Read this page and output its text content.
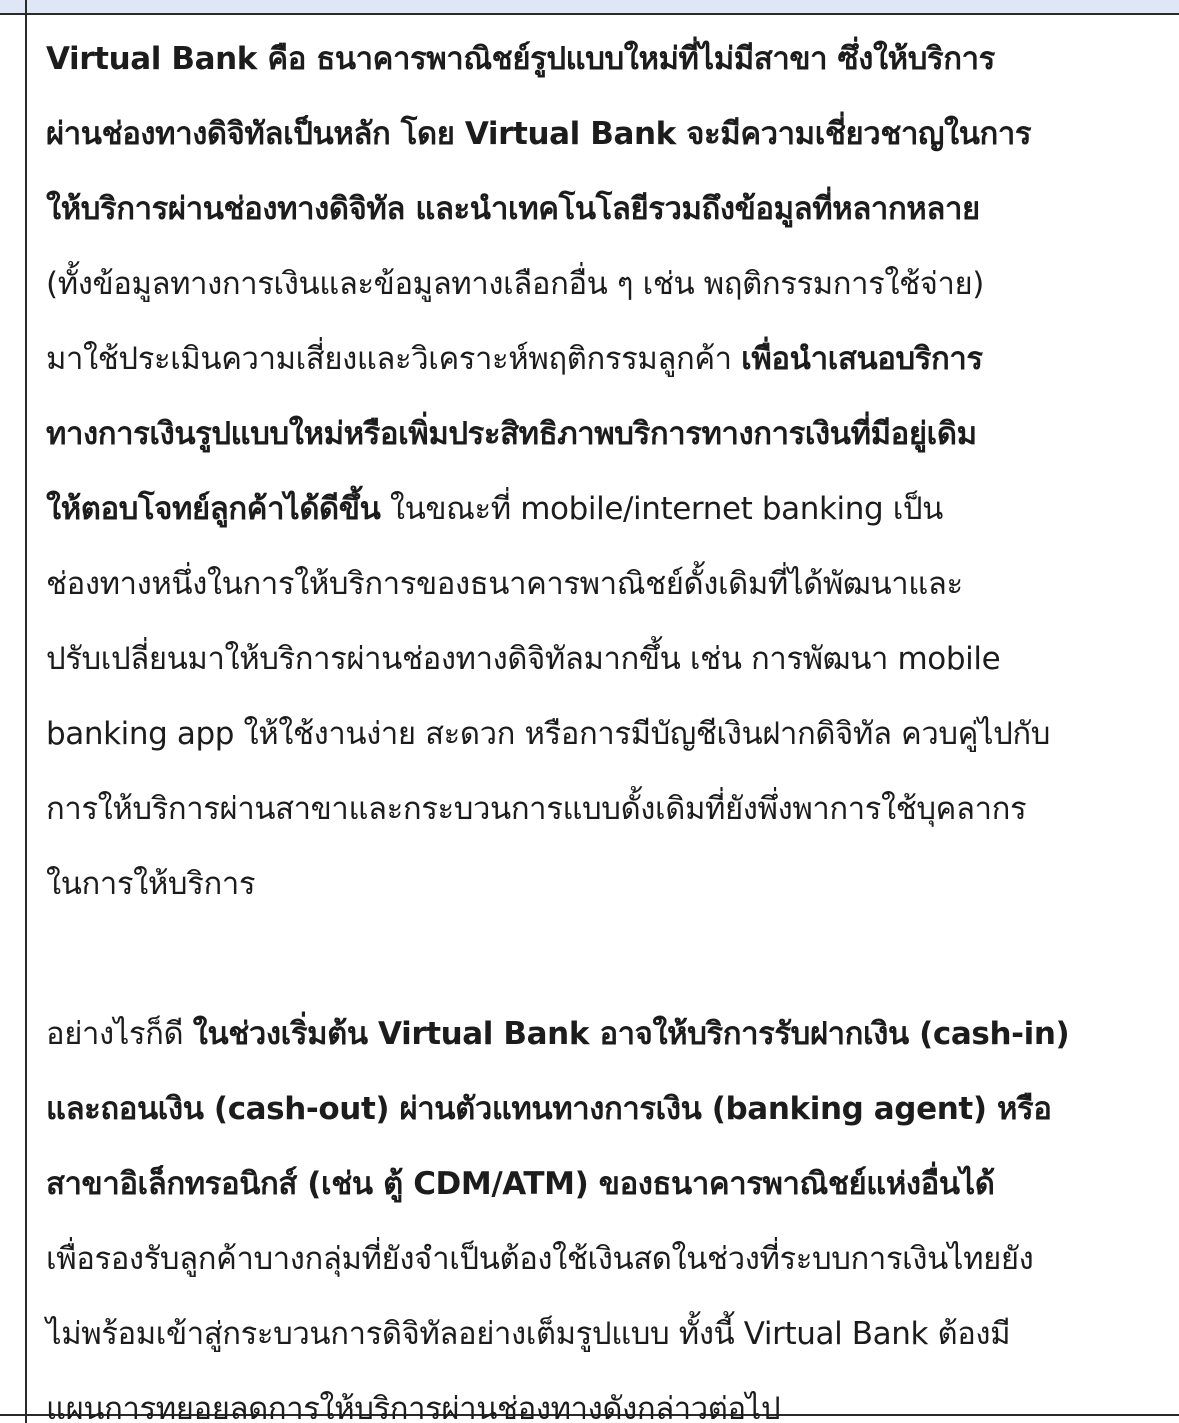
Virtual Bank คือ ธนาคารพาณิชย์รูปแบบใหม่ที่ไม่มีสาขา ซึ่งให้บริการ
ผ่านช่องทางดิจิทัลเป็นหลัก โดย Virtual Bank จะมีความเชี่ยวชาญในการ
ให้บริการผ่านช่องทางดิจิทัล และนำเทคโนโลยีรวมถึงข้อมูลที่หลากหลาย
(ทั้งข้อมูลทางการเงินและข้อมูลทางเลือกอื่น ๆ เช่น พฤติกรรมการใช้จ่าย)
มาใช้ประเมินความเสี่ยงและวิเคราะห์พฤติกรรมลูกค้า เพื่อนำเสนอบริการ
ทางการเงินรูปแบบใหม่หรือเพิ่มประสิทธิภาพบริการทางการเงินที่มีอยู่เดิม
ให้ตอบโจทย์ลูกค้าได้ดีขึ้น ในขณะที่ mobile/internet banking เป็น
ช่องทางหนึ่งในการให้บริการของธนาคารพาณิชย์ดั้งเดิมที่ได้พัฒนาและ
ปรับเปลี่ยนมาให้บริการผ่านช่องทางดิจิทัลมากขึ้น เช่น การพัฒนา mobile
banking app ให้ใช้งานง่าย สะดวก หรือการมีบัญชีเงินฝากดิจิทัล ควบคู่ไปกับ
การให้บริการผ่านสาขาและกระบวนการแบบดั้งเดิมที่ยังพึ่งพาการใช้บุคลากร
ในการให้บริการ

อย่างไรก็ดี ในช่วงเริ่มต้น Virtual Bank อาจให้บริการรับฝากเงิน (cash-in)
และถอนเงิน (cash-out) ผ่านตัวแทนทางการเงิน (banking agent) หรือ
สาขาอิเล็กทรอนิกส์ (เช่น ตู้ CDM/ATM) ของธนาคารพาณิชย์แห่งอื่นได้
เพื่อรองรับลูกค้าบางกลุ่มที่ยังจำเป็นต้องใช้เงินสดในช่วงที่ระบบการเงินไทยยัง
ไม่พร้อมเข้าสู่กระบวนการดิจิทัลอย่างเต็มรูปแบบ ทั้งนี้ Virtual Bank ต้องมี
แผนการทยอยลดการให้บริการผ่านช่องทางดังกล่าวต่อไป
